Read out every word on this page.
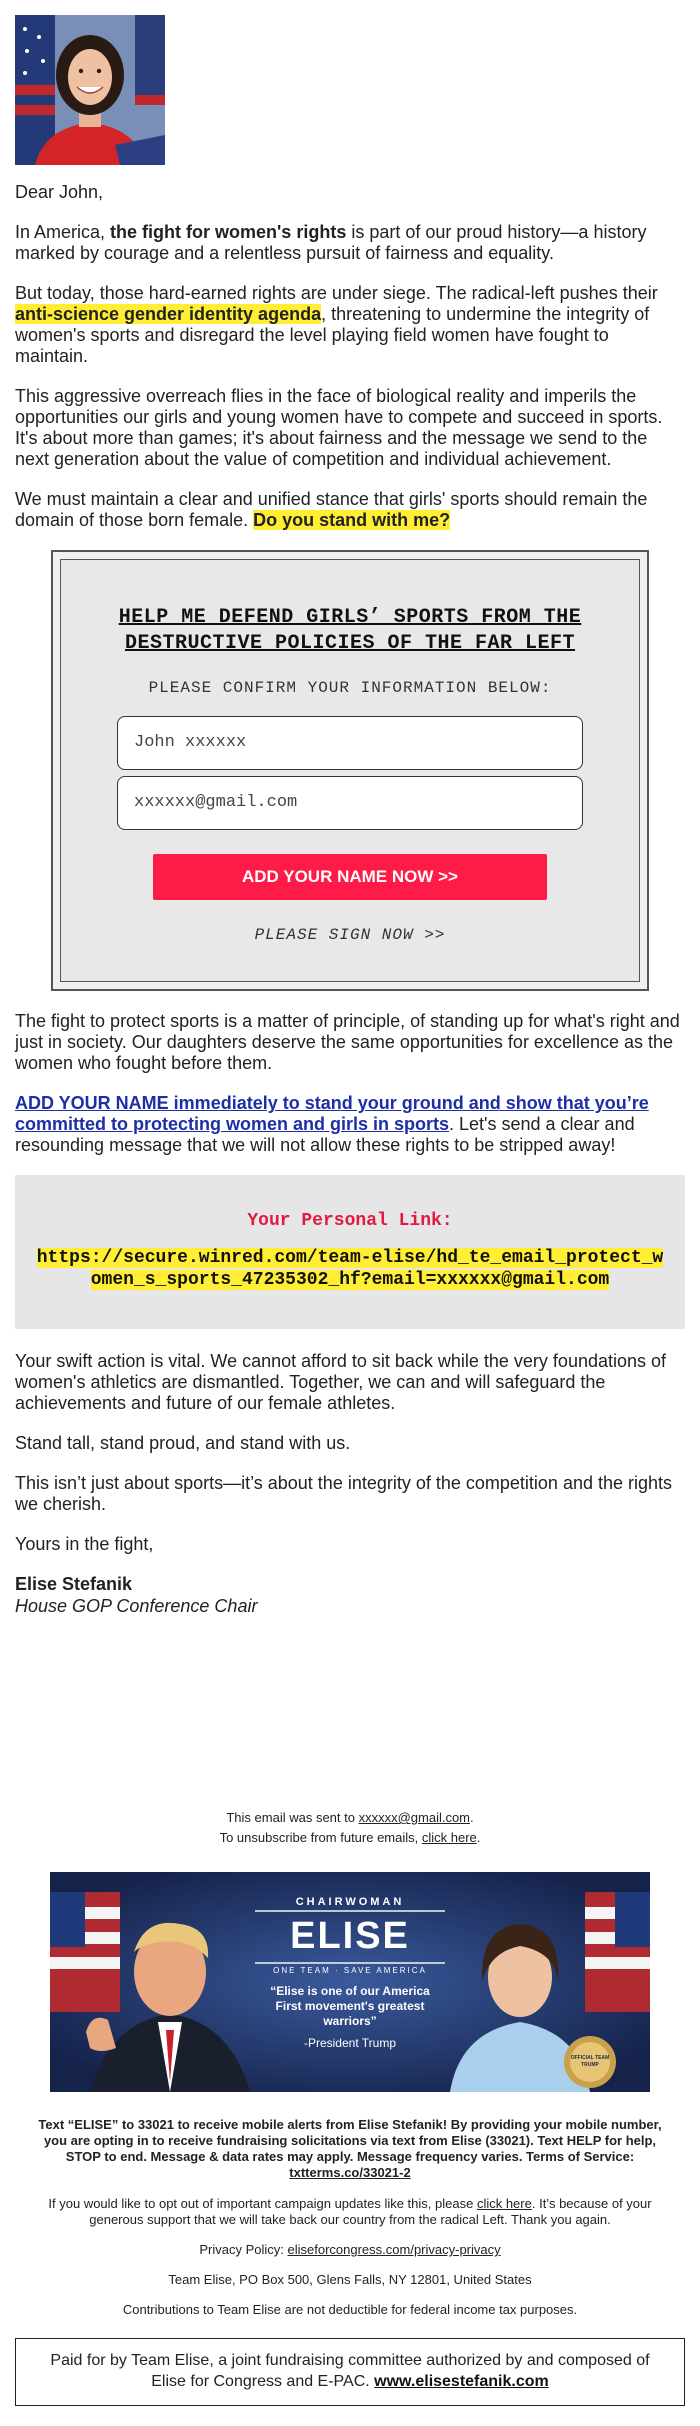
Dear John,

In America, the fight for women's rights is part of our proud history—a history marked by courage and a relentless pursuit of fairness and equality.

But today, those hard-earned rights are under siege. The radical-left pushes their anti-science gender identity agenda, threatening to undermine the integrity of women's sports and disregard the level playing field women have fought to maintain.

This aggressive overreach flies in the face of biological reality and imperils the opportunities our girls and young women have to compete and succeed in sports. It's about more than games; it's about fairness and the message we send to the next generation about the value of competition and individual achievement.

We must maintain a clear and unified stance that girls' sports should remain the domain of those born female. Do you stand with me?

HELP ME DEFEND GIRLS’ SPORTS FROM THE DESTRUCTIVE POLICIES OF THE FAR LEFT
PLEASE CONFIRM YOUR INFORMATION BELOW:
John xxxxxx
xxxxxx@gmail.com
ADD YOUR NAME NOW >>
PLEASE SIGN NOW >>

The fight to protect sports is a matter of principle, of standing up for what's right and just in society. Our daughters deserve the same opportunities for excellence as the women who fought before them.

ADD YOUR NAME immediately to stand your ground and show that you’re committed to protecting women and girls in sports. Let's send a clear and resounding message that we will not allow these rights to be stripped away!

Your Personal Link:
https://secure.winred.com/team-elise/hd_te_email_protect_women_s_sports_47235302_hf?email=xxxxxx@gmail.com

Your swift action is vital. We cannot afford to sit back while the very foundations of women's athletics are dismantled. Together, we can and will safeguard the achievements and future of our female athletes.

Stand tall, stand proud, and stand with us.

This isn’t just about sports—it’s about the integrity of the competition and the rights we cherish.

Yours in the fight,

Elise Stefanik
House GOP Conference Chair
This email was sent to xxxxxx@gmail.com.
To unsubscribe from future emails, click here.
CHAIRWOMAN
ELISE
ONE TEAM · SAVE AMERICA
“Elise is one of our America First movement's greatest warriors”
-President Trump
OFFICIAL TEAM TRUMP
Text “ELISE” to 33021 to receive mobile alerts from Elise Stefanik! By providing your mobile number, you are opting in to receive fundraising solicitations via text from Elise (33021). Text HELP for help, STOP to end. Message & data rates may apply. Message frequency varies. Terms of Service: txtterms.co/33021-2
If you would like to opt out of important campaign updates like this, please click here. It’s because of your generous support that we will take back our country from the radical Left. Thank you again.
Privacy Policy: eliseforcongress.com/privacy-privacy
Team Elise, PO Box 500, Glens Falls, NY 12801, United States
Contributions to Team Elise are not deductible for federal income tax purposes.
Paid for by Team Elise, a joint fundraising committee authorized by and composed of Elise for Congress and E-PAC. www.elisestefanik.com
